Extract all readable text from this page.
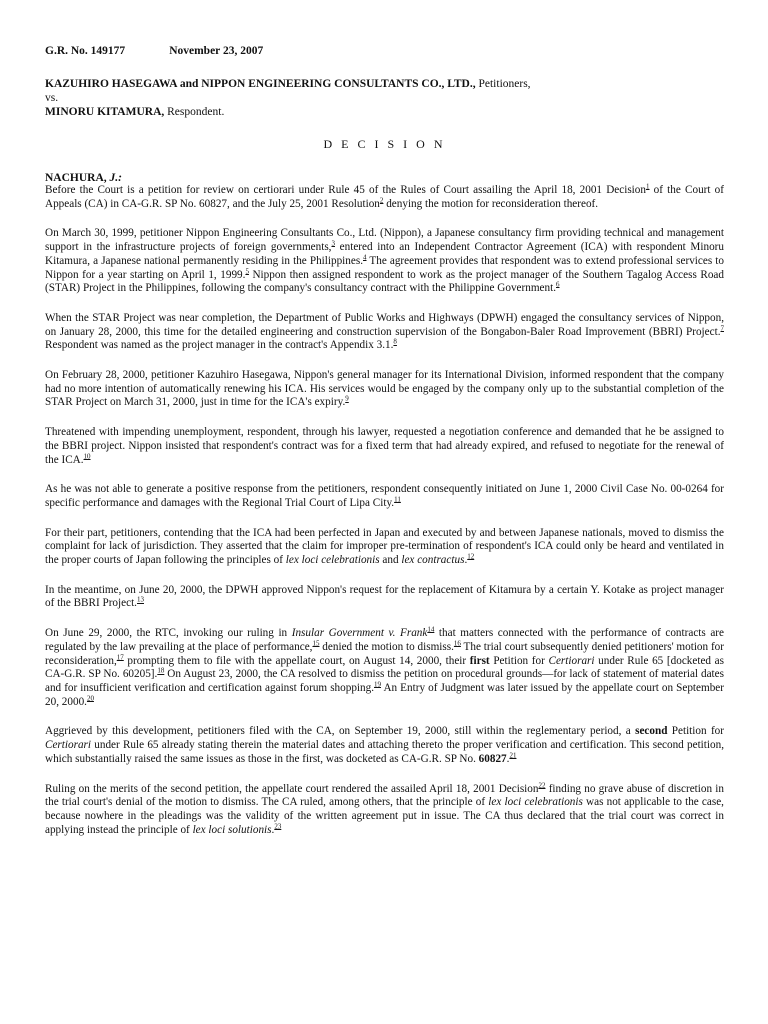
G.R. No. 149177	November 23, 2007
KAZUHIRO HASEGAWA and NIPPON ENGINEERING CONSULTANTS CO., LTD., Petitioners,
vs.
MINORU KITAMURA, Respondent.
D E C I S I O N
NACHURA, J.:

Before the Court is a petition for review on certiorari under Rule 45 of the Rules of Court assailing the April 18, 2001 Decision$^1$ of the Court of Appeals (CA) in CA-G.R. SP No. 60827, and the July 25, 2001 Resolution$^2$ denying the motion for reconsideration thereof.

On March 30, 1999, petitioner Nippon Engineering Consultants Co., Ltd. (Nippon), a Japanese consultancy firm providing technical and management support in the infrastructure projects of foreign governments,$^3$ entered into an Independent Contractor Agreement (ICA) with respondent Minoru Kitamura, a Japanese national permanently residing in the Philippines.$^4$ The agreement provides that respondent was to extend professional services to Nippon for a year starting on April 1, 1999.$^5$ Nippon then assigned respondent to work as the project manager of the Southern Tagalog Access Road (STAR) Project in the Philippines, following the company's consultancy contract with the Philippine Government.$^6$

When the STAR Project was near completion, the Department of Public Works and Highways (DPWH) engaged the consultancy services of Nippon, on January 28, 2000, this time for the detailed engineering and construction supervision of the Bongabon-Baler Road Improvement (BBRI) Project.$^7$ Respondent was named as the project manager in the contract's Appendix 3.1.$^8$

On February 28, 2000, petitioner Kazuhiro Hasegawa, Nippon's general manager for its International Division, informed respondent that the company had no more intention of automatically renewing his ICA. His services would be engaged by the company only up to the substantial completion of the STAR Project on March 31, 2000, just in time for the ICA's expiry.$^9$

Threatened with impending unemployment, respondent, through his lawyer, requested a negotiation conference and demanded that he be assigned to the BBRI project. Nippon insisted that respondent's contract was for a fixed term that had already expired, and refused to negotiate for the renewal of the ICA.$^{10}$

As he was not able to generate a positive response from the petitioners, respondent consequently initiated on June 1, 2000 Civil Case No. 00-0264 for specific performance and damages with the Regional Trial Court of Lipa City.$^{11}$

For their part, petitioners, contending that the ICA had been perfected in Japan and executed by and between Japanese nationals, moved to dismiss the complaint for lack of jurisdiction. They asserted that the claim for improper pre-termination of respondent's ICA could only be heard and ventilated in the proper courts of Japan following the principles of lex loci celebrationis and lex contractus.$^{12}$

In the meantime, on June 20, 2000, the DPWH approved Nippon's request for the replacement of Kitamura by a certain Y. Kotake as project manager of the BBRI Project.$^{13}$

On June 29, 2000, the RTC, invoking our ruling in Insular Government v. Frank$^{14}$ that matters connected with the performance of contracts are regulated by the law prevailing at the place of performance,$^{15}$ denied the motion to dismiss.$^{16}$ The trial court subsequently denied petitioners' motion for reconsideration,$^{17}$ prompting them to file with the appellate court, on August 14, 2000, their first Petition for Certiorari under Rule 65 [docketed as CA-G.R. SP No. 60205].$^{18}$ On August 23, 2000, the CA resolved to dismiss the petition on procedural grounds—for lack of statement of material dates and for insufficient verification and certification against forum shopping.$^{19}$ An Entry of Judgment was later issued by the appellate court on September 20, 2000.20

Aggrieved by this development, petitioners filed with the CA, on September 19, 2000, still within the reglementary period, a second Petition for Certiorari under Rule 65 already stating therein the material dates and attaching thereto the proper verification and certification. This second petition, which substantially raised the same issues as those in the first, was docketed as CA-G.R. SP No. 60827.21

Ruling on the merits of the second petition, the appellate court rendered the assailed April 18, 2001 Decision$^{22}$ finding no grave abuse of discretion in the trial court's denial of the motion to dismiss. The CA ruled, among others, that the principle of lex loci celebrationis was not applicable to the case, because nowhere in the pleadings was the validity of the written agreement put in issue. The CA thus declared that the trial court was correct in applying instead the principle of lex loci solutionis.$^{23}$
